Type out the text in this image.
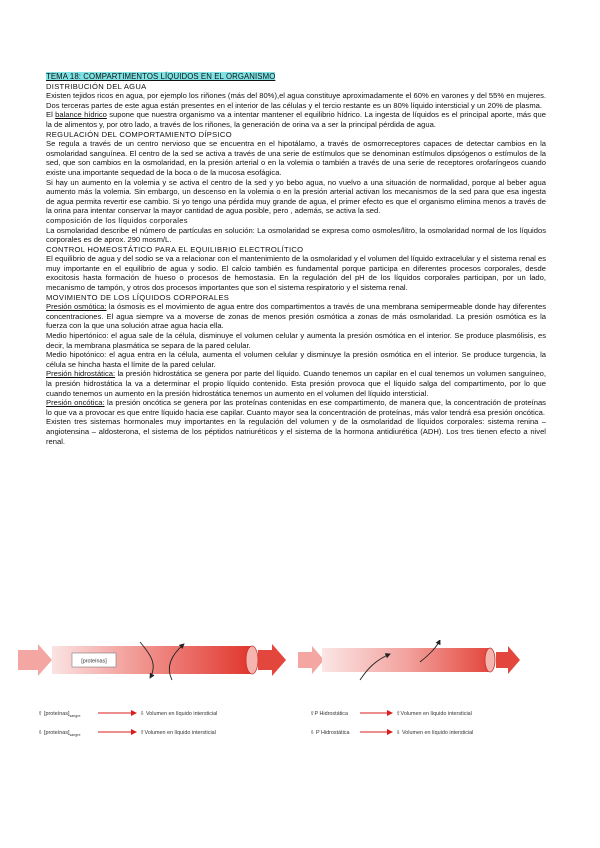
TEMA 18: COMPARTIMENTOS LÍQUIDOS EN EL ORGANISMO

DISTRIBUCIÓN DEL AGUA

Existen tejidos ricos en agua, por ejemplo los riñones (más del 80%),el agua constituye aproximadamente el 60% en varones y del 55% en mujeres. Dos terceras partes de este agua están presentes en el interior de las células y el tercio restante es un 80% líquido intersticial y un 20% de plasma.

El balance hídrico supone que nuestra organismo va a intentar mantener el equilibrio hídrico. La ingesta de líquidos es el principal aporte, más que la de alimentos y, por otro lado, a través de los riñones, la generación de orina va a ser la principal pérdida de agua.

REGULACIÓN DEL COMPORTAMIENTO DÍPSICO

Se regula a través de un centro nervioso que se encuentra en el hipotálamo, a través de osmorreceptores capaces de detectar cambios en la osmolaridad sanguínea. El centro de la sed se activa a través de una serie de estímulos que se denominan estímulos dipsógenos o estímulos de la sed, que son cambios en la osmolaridad, en la presión arterial o en la volemia o también a través de una serie de receptores orofaríngeos cuando existe una importante sequedad de la boca o de la mucosa esofágica.

Si hay un aumento en la volemia y se activa el centro de la sed y yo bebo agua, no vuelvo a una situación de normalidad, porque al beber agua aumento más la volemia. Sin embargo, un descenso en la volemia o en la presión arterial activan los mecanismos de la sed para que esa ingesta de agua permita revertir ese cambio. Si yo tengo una pérdida muy grande de agua, el primer efecto es que el organismo elimina menos a través de la orina para intentar conservar la mayor cantidad de agua posible, pero , además, se activa la sed.

composición de los líquidos corporales

La osmolaridad describe el número de partículas en solución: La osmolaridad se expresa como osmoles/litro, la osmolaridad normal de los líquidos corporales es de aprox. 290 mosm/L.

CONTROL HOMEOSTÁTICO PARA EL EQUILIBRIO ELECTROLÍTICO

El equilibrio de agua y del sodio se va a relacionar con el mantenimiento de la osmolaridad y el volumen del líquido extracelular y el sistema renal es muy importante en el equilibrio de agua y sodio. El calcio también es fundamental porque participa en diferentes procesos corporales, desde exocitosis hasta formación de hueso o procesos de hemostasia. En la regulación del pH de los líquidos corporales participan, por un lado, mecanismo de tampón, y otros dos procesos importantes que son el sistema respiratorio y el sistema renal.

MOVIMIENTO DE LOS LÍQUIDOS CORPORALES

Presión osmótica: la ósmosis es el movimiento de agua entre dos compartimentos a través de una membrana semipermeable donde hay diferentes concentraciones. El agua siempre va a moverse de zonas de menos presión osmótica a zonas de más osmolaridad. La presión osmótica es la fuerza con la que una solución atrae agua hacia ella.

Medio hipertónico: el agua sale de la célula, disminuye el volumen celular y aumenta la presión osmótica en el interior. Se produce plasmólisis, es decir, la membrana plasmática se separa de la pared celular.

Medio hipotónico: el agua entra en la célula, aumenta el volumen celular y disminuye la presión osmótica en el interior. Se produce turgencia, la célula se hincha hasta el límite de la pared celular.

Presión hidrostática: la presión hidrostática se genera por parte del líquido. Cuando tenemos un capilar en el cual tenemos un volumen sanguíneo, la presión hidrostática la va a determinar el propio líquido contenido. Esta presión provoca que el líquido salga del compartimento, por lo que cuando tenemos un aumento en la presión hidrostática tenemos un aumento en el volumen del líquido intersticial.

Presión oncótica: la presión oncótica se genera por las proteínas contenidas en ese compartimento, de manera que, la concentración de proteínas lo que va a provocar es que entre líquido hacia ese capilar. Cuanto mayor sea la concentración de proteínas, más valor tendrá esa presión oncótica.

Existen tres sistemas hormonales muy importantes en la regulación del volumen y de la osmolaridad de líquidos corporales: sistema renina – angiotensina – aldosterona, el sistema de los péptidos natriuréticos y el sistema de la hormona antidiurética (ADH). Los tres tienen efecto a nivel renal.

[proteínas]
⇧ $[proteínas]_{sangre}$	⇩ Volumen en líquido intersticial
⇩ $[proteínas]_{sangre}$	⇧Volumen en líquido intersticial
⇧P Hidrostática	⇧Volumen en líquido intersticial
⇩ P Hidrostática	⇩ Volumen en líquido intersticial
